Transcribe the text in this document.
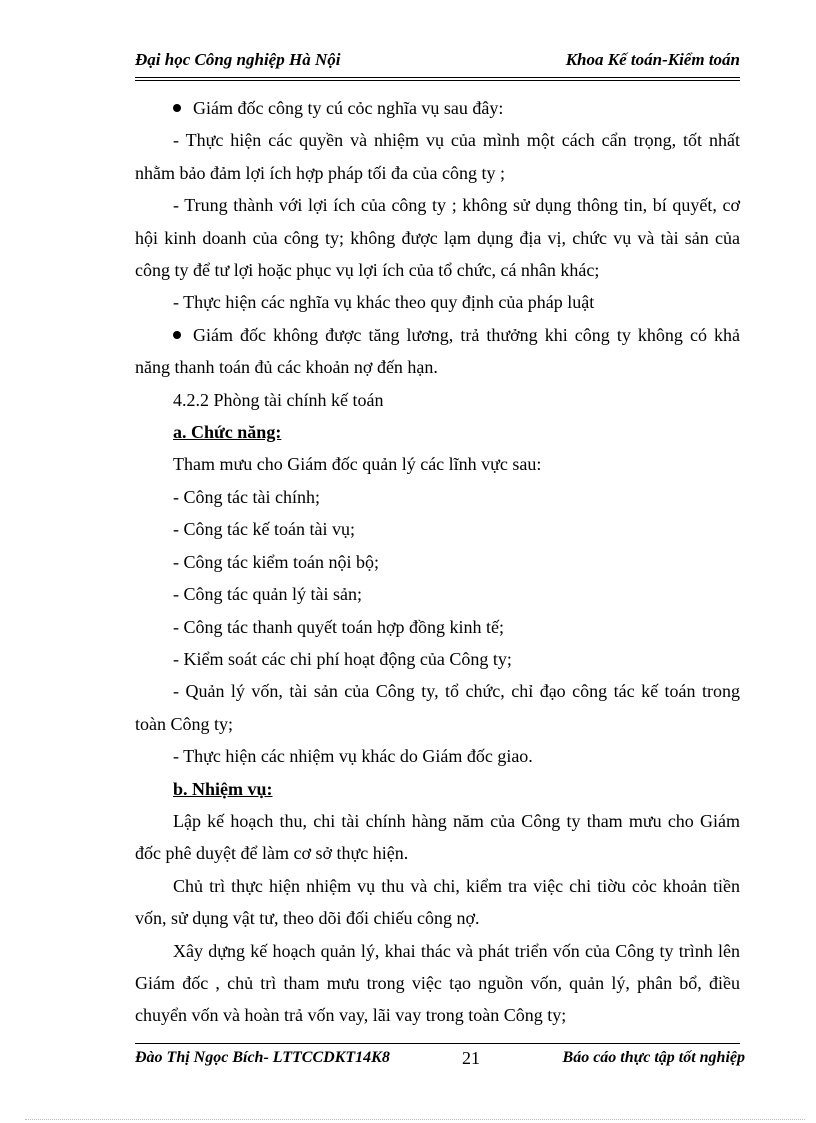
Đại học Công nghiệp Hà Nội	Khoa Kế toán-Kiểm toán

Giám đốc công ty cú cỏc nghĩa vụ sau đây:

- Thực hiện các quyền và nhiệm vụ của mình một cách cẩn trọng, tốt nhất nhằm bảo đảm lợi ích hợp pháp tối đa của công ty ;

- Trung thành với lợi ích của công ty ; không sử dụng thông tin, bí quyết, cơ hội kinh doanh của công ty; không được lạm dụng địa vị, chức vụ và tài sản của công ty để tư lợi hoặc phục vụ lợi ích của tổ chức, cá nhân khác;

- Thực hiện các nghĩa vụ khác theo quy định của pháp luật

Giám đốc không được tăng lương, trả thưởng khi công ty không có khả năng thanh toán đủ các khoản nợ đến hạn.

4.2.2 Phòng tài chính kế toán

a. Chức năng:

Tham mưu cho Giám đốc quản lý các lĩnh vực sau:

- Công tác tài chính;

- Công tác kế toán tài vụ;

- Công tác kiểm toán nội bộ;

- Công tác quản lý tài sản;

- Công tác thanh quyết toán hợp đồng kinh tế;

- Kiểm soát các chi phí hoạt động của Công ty;

- Quản lý vốn, tài sản của Công ty, tổ chức, chỉ đạo công tác kế toán trong toàn Công ty;

- Thực hiện các nhiệm vụ khác do Giám đốc giao.

b. Nhiệm vụ:

Lập kế hoạch thu, chi tài chính hàng năm của Công ty tham mưu cho Giám đốc phê duyệt để làm cơ sở thực hiện.

Chủ trì thực hiện nhiệm vụ thu và chi, kiểm tra việc chi tiờu cỏc khoản tiền vốn, sử dụng vật tư, theo dõi đối chiếu công nợ.

Xây dựng kế hoạch quản lý, khai thác và phát triển vốn của Công ty trình lên Giám đốc , chủ trì tham mưu trong việc tạo nguồn vốn, quản lý, phân bổ, điều chuyển vốn và hoàn trả vốn vay, lãi vay trong toàn Công ty;

Đào Thị Ngọc Bích- LTTCCDKT14K8	21	Báo cáo thực tập tốt nghiệp
